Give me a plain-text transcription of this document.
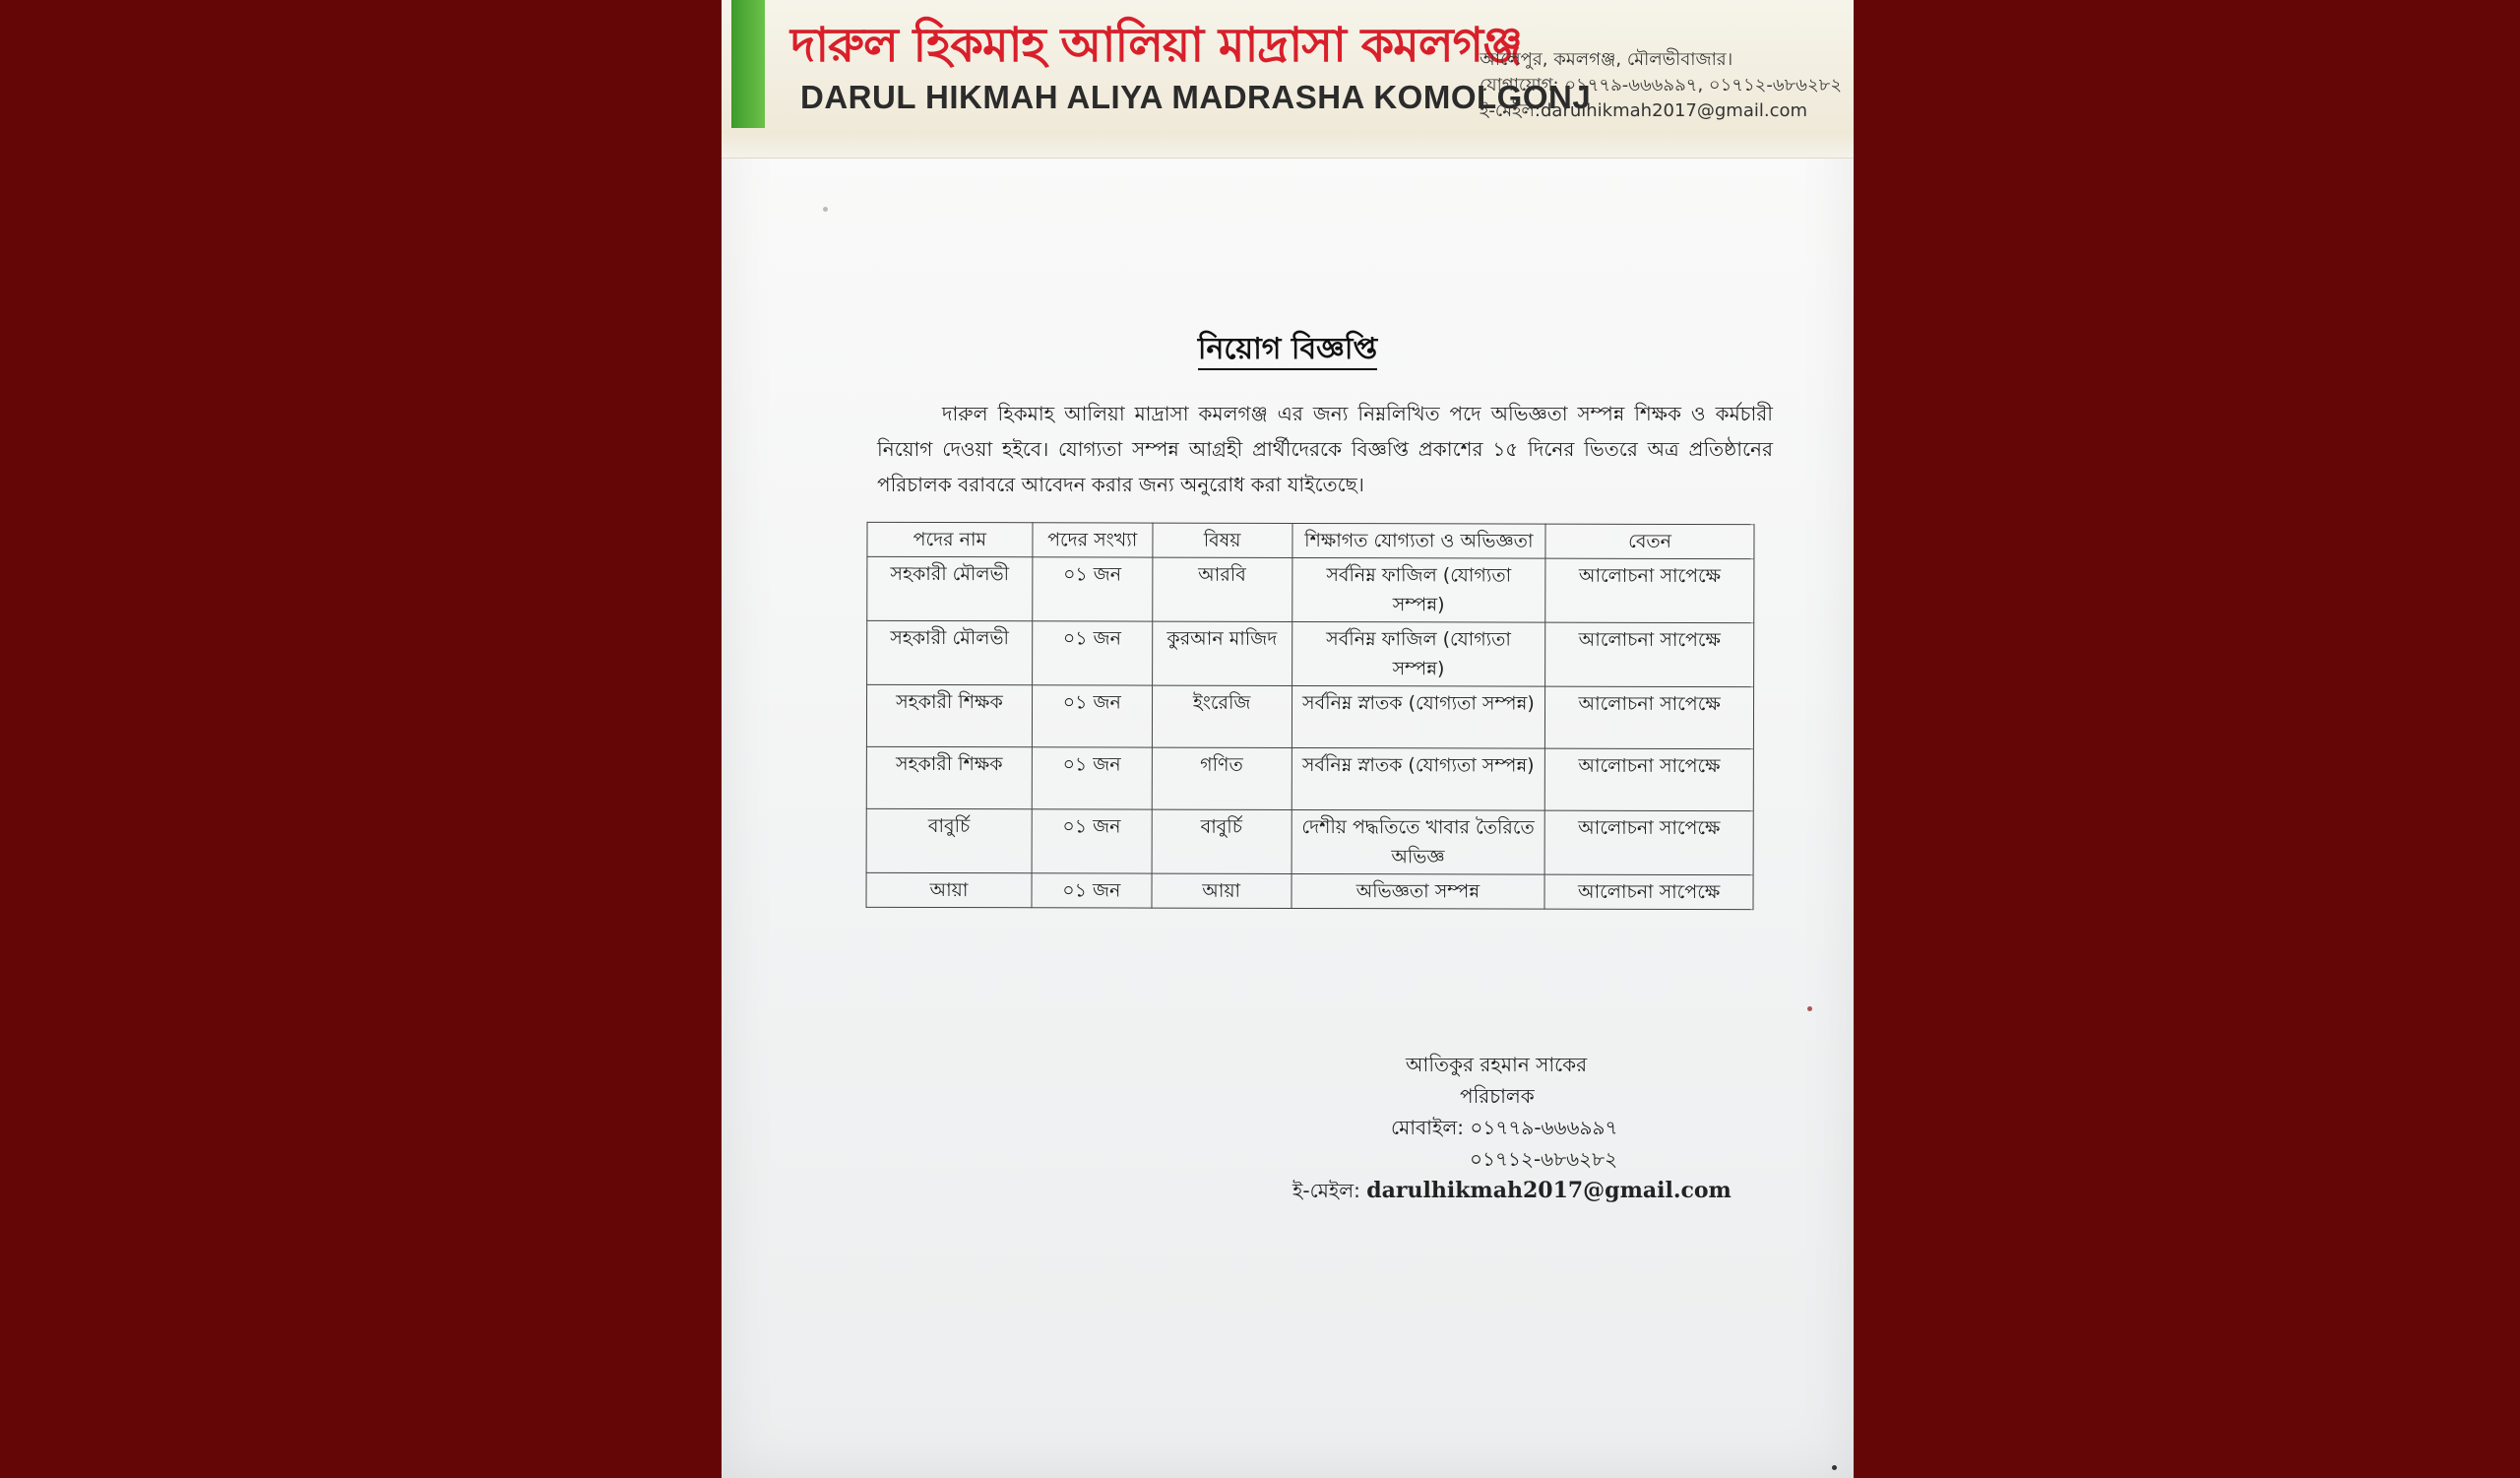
দারুল হিকমাহ আলিয়া মাদ্রাসা কমলগঞ্জ
DARUL HIKMAH ALIYA MADRASHA KOMOLGONJ
আলেপুর, কমলগঞ্জ, মৌলভীবাজার।
যোগাযোগ: ০১৭৭৯-৬৬৬৯৯৭, ০১৭১২-৬৮৬২৮২
ই-মেইল:darulhikmah2017@gmail.com
নিয়োগ বিজ্ঞপ্তি
দারুল হিকমাহ আলিয়া মাদ্রাসা কমলগঞ্জ এর জন্য নিম্নলিখিত পদে অভিজ্ঞতা সম্পন্ন শিক্ষক ও কর্মচারী নিয়োগ দেওয়া হইবে। যোগ্যতা সম্পন্ন আগ্রহী প্রার্থীদেরকে বিজ্ঞপ্তি প্রকাশের ১৫ দিনের ভিতরে অত্র প্রতিষ্ঠানের পরিচালক বরাবরে আবেদন করার জন্য অনুরোধ করা যাইতেছে।
পদের নাম	পদের সংখ্যা	বিষয়	শিক্ষাগত যোগ্যতা ও অভিজ্ঞতা	বেতন
সহকারী মৌলভী	০১ জন	আরবি	সর্বনিম্ন ফাজিল (যোগ্যতা সম্পন্ন)	আলোচনা সাপেক্ষে
সহকারী মৌলভী	০১ জন	কুরআন মাজিদ	সর্বনিম্ন ফাজিল (যোগ্যতা সম্পন্ন)	আলোচনা সাপেক্ষে
সহকারী শিক্ষক	০১ জন	ইংরেজি	সর্বনিম্ন স্নাতক (যোগ্যতা সম্পন্ন)	আলোচনা সাপেক্ষে
সহকারী শিক্ষক	০১ জন	গণিত	সর্বনিম্ন স্নাতক (যোগ্যতা সম্পন্ন)	আলোচনা সাপেক্ষে
বাবুর্চি	০১ জন	বাবুর্চি	দেশীয় পদ্ধতিতে খাবার তৈরিতে অভিজ্ঞ	আলোচনা সাপেক্ষে
আয়া	০১ জন	আয়া	অভিজ্ঞতা সম্পন্ন	আলোচনা সাপেক্ষে
আতিকুর রহমান সাকের
পরিচালক
মোবাইল: ০১৭৭৯-৬৬৬৯৯৭
০১৭১২-৬৮৬২৮২
ই-মেইল: darulhikmah2017@gmail.com
